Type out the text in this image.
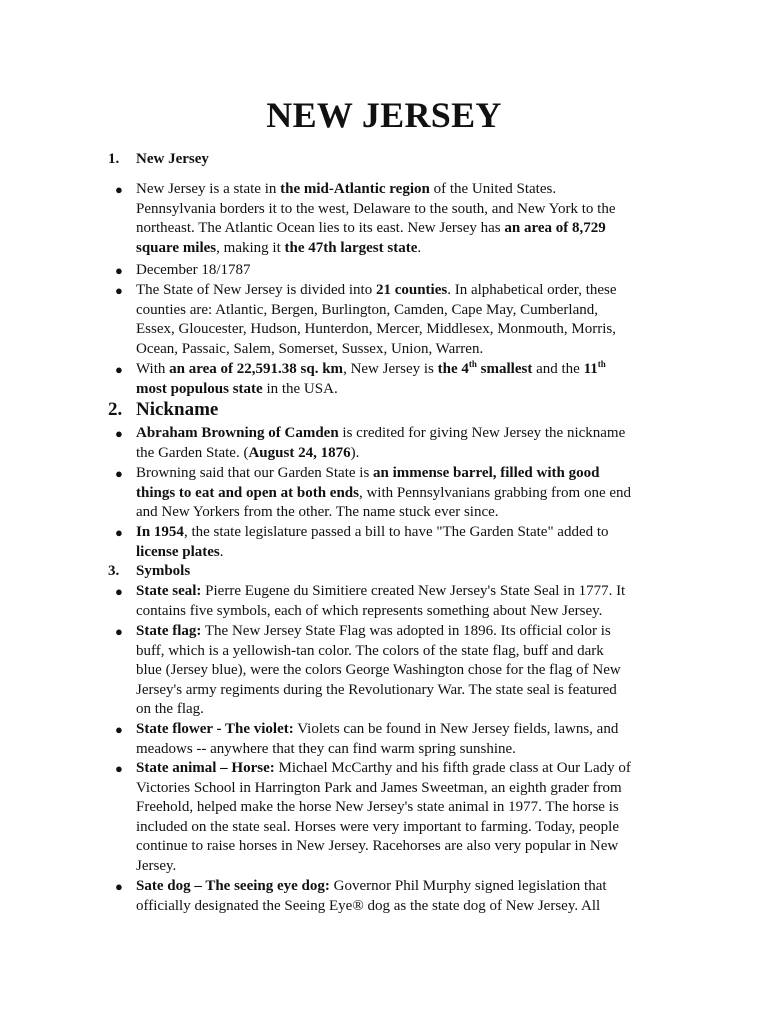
NEW JERSEY
1. New Jersey
● New Jersey is a state in the mid-Atlantic region of the United States.
Pennsylvania borders it to the west, Delaware to the south, and New York to the
northeast. The Atlantic Ocean lies to its east. New Jersey has an area of 8,729
square miles, making it the 47th largest state.
● December 18/1787
● The State of New Jersey is divided into 21 counties. In alphabetical order, these
counties are: Atlantic, Bergen, Burlington, Camden, Cape May, Cumberland,
Essex, Gloucester, Hudson, Hunterdon, Mercer, Middlesex, Monmouth, Morris,
Ocean, Passaic, Salem, Somerset, Sussex, Union, Warren.
● With an area of 22,591.38 sq. km, New Jersey is the 4th smallest and the 11th
most populous state in the USA.
2. Nickname
● Abraham Browning of Camden is credited for giving New Jersey the nickname
the Garden State. (August 24, 1876).
● Browning said that our Garden State is an immense barrel, filled with good
things to eat and open at both ends, with Pennsylvanians grabbing from one end
and New Yorkers from the other. The name stuck ever since.
● In 1954, the state legislature passed a bill to have "The Garden State" added to
license plates.
3. Symbols
● State seal: Pierre Eugene du Simitiere created New Jersey's State Seal in 1777. It
contains five symbols, each of which represents something about New Jersey.
● State flag: The New Jersey State Flag was adopted in 1896. Its official color is
buff, which is a yellowish-tan color. The colors of the state flag, buff and dark
blue (Jersey blue), were the colors George Washington chose for the flag of New
Jersey's army regiments during the Revolutionary War. The state seal is featured
on the flag.
● State flower - The violet: Violets can be found in New Jersey fields, lawns, and
meadows -- anywhere that they can find warm spring sunshine.
● State animal – Horse: Michael McCarthy and his fifth grade class at Our Lady of
Victories School in Harrington Park and James Sweetman, an eighth grader from
Freehold, helped make the horse New Jersey's state animal in 1977. The horse is
included on the state seal. Horses were very important to farming. Today, people
continue to raise horses in New Jersey. Racehorses are also very popular in New
Jersey.
● Sate dog – The seeing eye dog: Governor Phil Murphy signed legislation that
officially designated the Seeing Eye® dog as the state dog of New Jersey. All
